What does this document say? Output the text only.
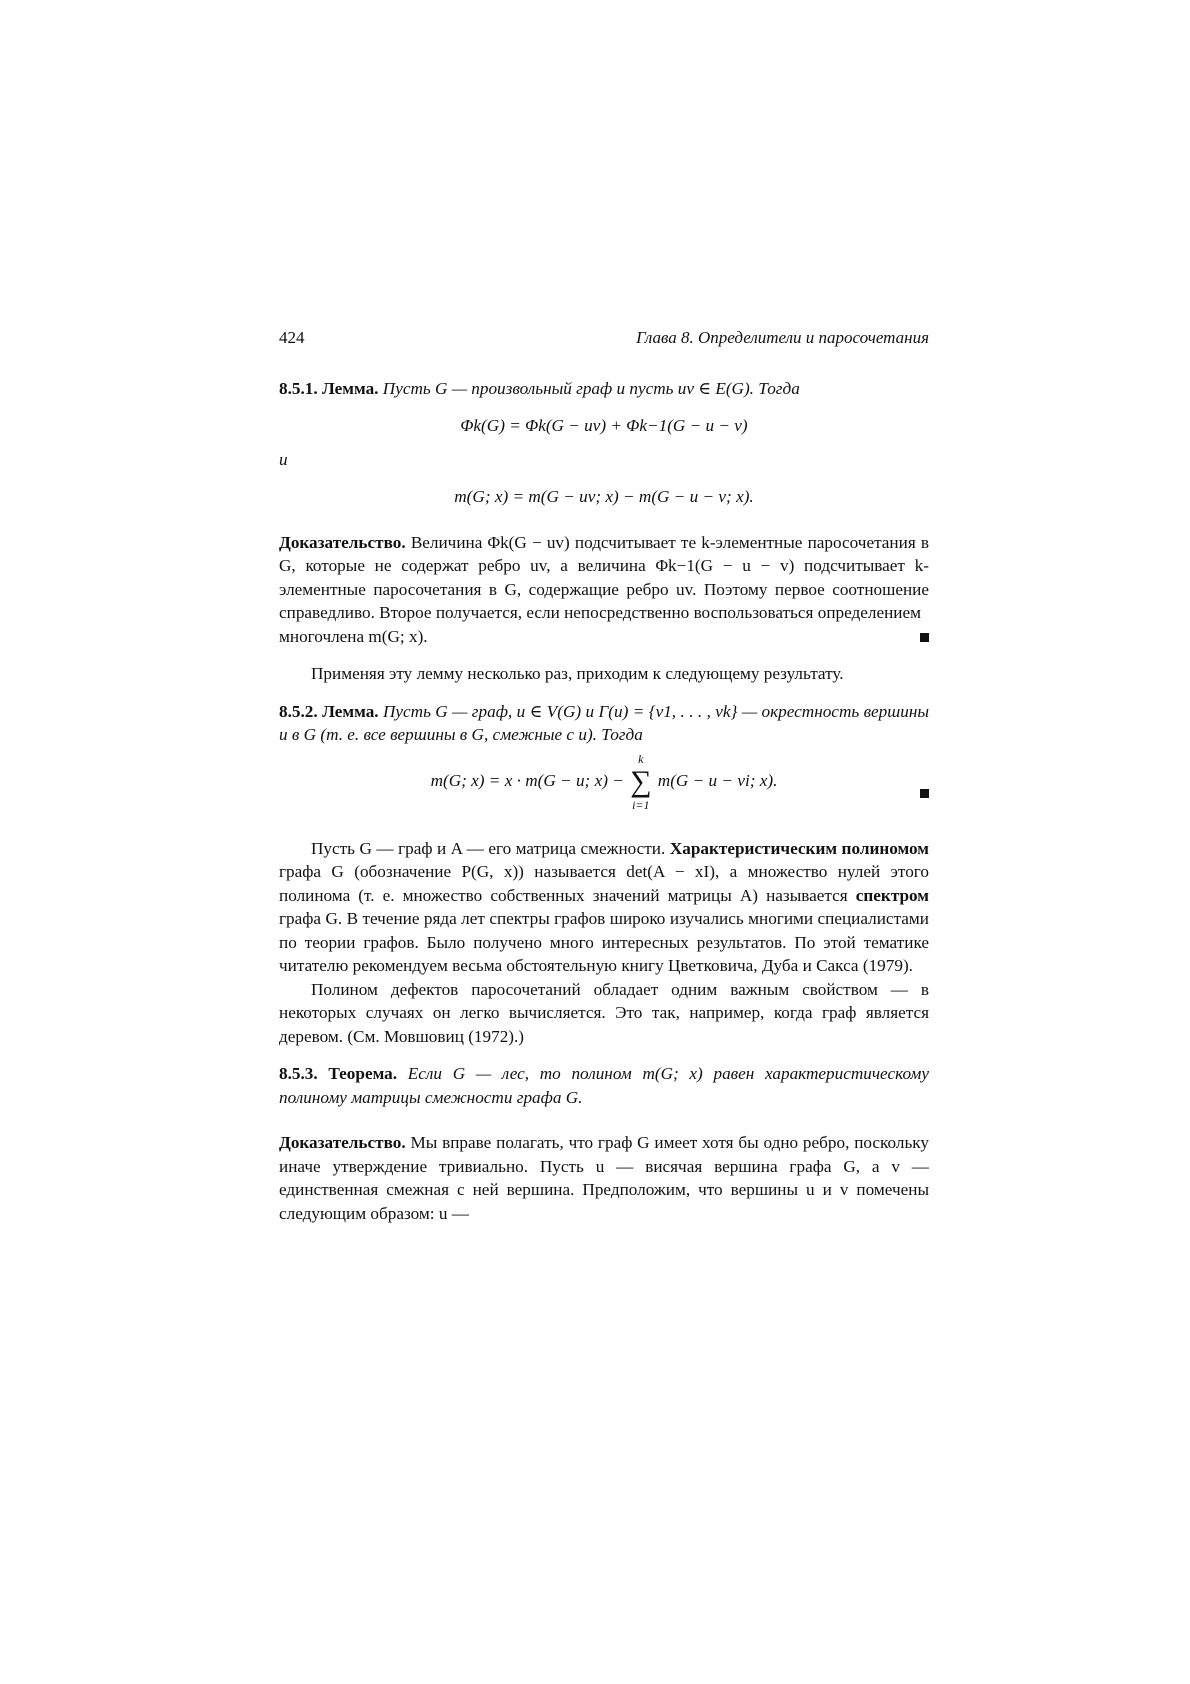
424	Глава 8. Определители и паросочетания
8.5.1. Лемма. Пусть G — произвольный граф и пусть uv ∈ E(G). Тогда
Φk(G) = Φk(G − uv) + Φk−1(G − u − v)
и
m(G; x) = m(G − uv; x) − m(G − u − v; x).
Доказательство. Величина Φk(G − uv) подсчитывает те k-элементные паросочетания в G, которые не содержат ребро uv, а величина Φk−1(G − u − v) подсчитывает k-элементные паросочетания в G, содержащие ребро uv. Поэтому первое соотношение справедливо. Второе получается, если непосредственно воспользоваться определением
многочлена m(G; x).
Применяя эту лемму несколько раз, приходим к следующему результату.
8.5.2. Лемма. Пусть G — граф, u ∈ V(G) и Γ(u) = {v1, . . . , vk} — окрестность вершины u в G (т. е. все вершины в G, смежные с u). Тогда
m(G; x) = x · m(G − u; x) −
k
∑
i=1
m(G − u − vi; x).
Пусть G — граф и A — его матрица смежности. Характеристическим полиномом графа G (обозначение P(G, x)) называется det(A − xI), а множество нулей этого полинома (т. е. множество собственных значений матрицы A) называется спектром графа G. В течение ряда лет спектры графов широко изучались многими специалистами по теории графов. Было получено много интересных результатов. По этой тематике читателю рекомендуем весьма обстоятельную книгу Цветковича, Дуба и Сакса (1979).
Полином дефектов паросочетаний обладает одним важным свойством — в некоторых случаях он легко вычисляется. Это так, например, когда граф является деревом. (См. Мовшовиц (1972).)
8.5.3. Теорема. Если G — лес, то полином m(G; x) равен характеристическому полиному матрицы смежности графа G.
Доказательство. Мы вправе полагать, что граф G имеет хотя бы одно ребро, поскольку иначе утверждение тривиально. Пусть u — висячая вершина графа G, а v — единственная смежная с ней вершина. Предположим, что вершины u и v помечены следующим образом: u —
